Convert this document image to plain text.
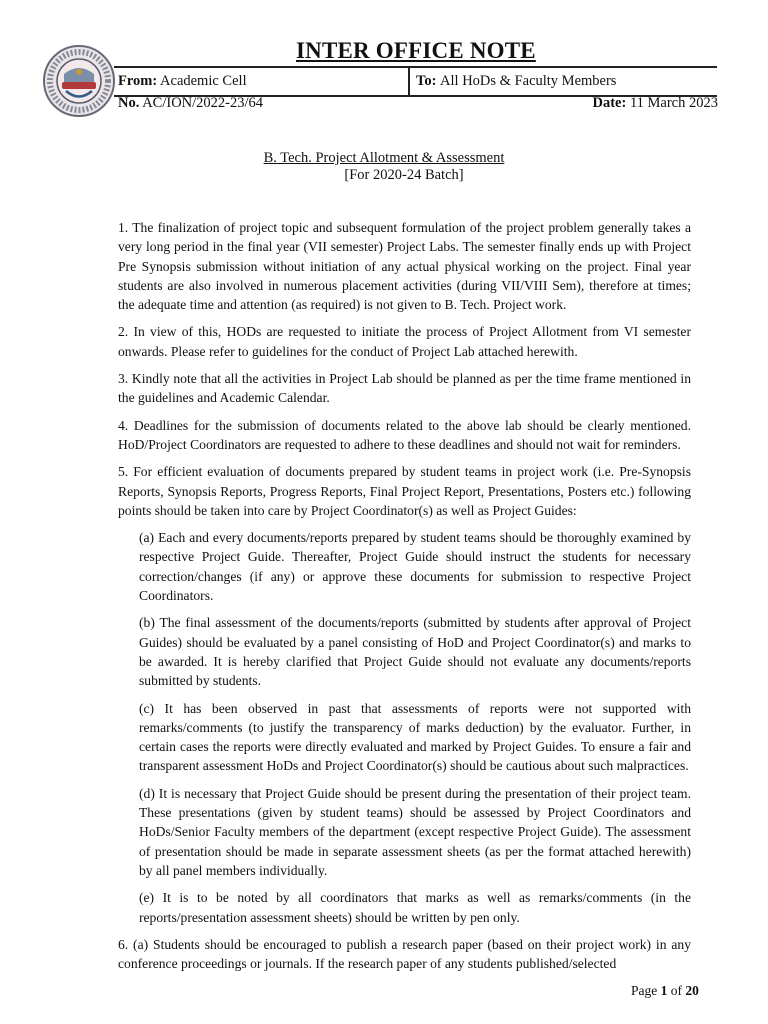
INTER OFFICE NOTE
From: Academic Cell	To:
All HoDs & Faculty Members
No. AC/ION/2022-23/64	Date: 11 March 2023
B. Tech. Project Allotment & Assessment
[For 2020-24 Batch]

1. The finalization of project topic and subsequent formulation of the project problem generally takes a very long period in the final year (VII semester) Project Labs. The semester finally ends up with Project Pre Synopsis submission without initiation of any actual physical working on the project. Final year students are also involved in numerous placement activities (during VII/VIII Sem), therefore at times; the adequate time and attention (as required) is not given to B. Tech. Project work.

2. In view of this, HODs are requested to initiate the process of Project Allotment from VI semester onwards. Please refer to guidelines for the conduct of Project Lab attached herewith.

3. Kindly note that all the activities in Project Lab should be planned as per the time frame mentioned in the guidelines and Academic Calendar.

4. Deadlines for the submission of documents related to the above lab should be clearly mentioned. HoD/Project Coordinators are requested to adhere to these deadlines and should not wait for reminders.

5. For efficient evaluation of documents prepared by student teams in project work (i.e. Pre-Synopsis Reports, Synopsis Reports, Progress Reports, Final Project Report, Presentations, Posters etc.) following points should be taken into care by Project Coordinator(s) as well as Project Guides:

(a) Each and every documents/reports prepared by student teams should be thoroughly examined by respective Project Guide. Thereafter, Project Guide should instruct the students for necessary correction/changes (if any) or approve these documents for submission to respective Project Coordinators.

(b) The final assessment of the documents/reports (submitted by students after approval of Project Guides) should be evaluated by a panel consisting of HoD and Project Coordinator(s) and marks to be awarded. It is hereby clarified that Project Guide should not evaluate any documents/reports submitted by students.

(c) It has been observed in past that assessments of reports were not supported with remarks/comments (to justify the transparency of marks deduction) by the evaluator. Further, in certain cases the reports were directly evaluated and marked by Project Guides. To ensure a fair and transparent assessment HoDs and Project Coordinator(s) should be cautious about such malpractices.

(d) It is necessary that Project Guide should be present during the presentation of their project team. These presentations (given by student teams) should be assessed by Project Coordinators and HoDs/Senior Faculty members of the department (except respective Project Guide). The assessment of presentation should be made in separate assessment sheets (as per the format attached herewith) by all panel members individually.

(e) It is to be noted by all coordinators that marks as well as remarks/comments (in the reports/presentation assessment sheets) should be written by pen only.

6. (a) Students should be encouraged to publish a research paper (based on their project work) in any conference proceedings or journals. If the research paper of any students published/selected

Page 1 of 20
